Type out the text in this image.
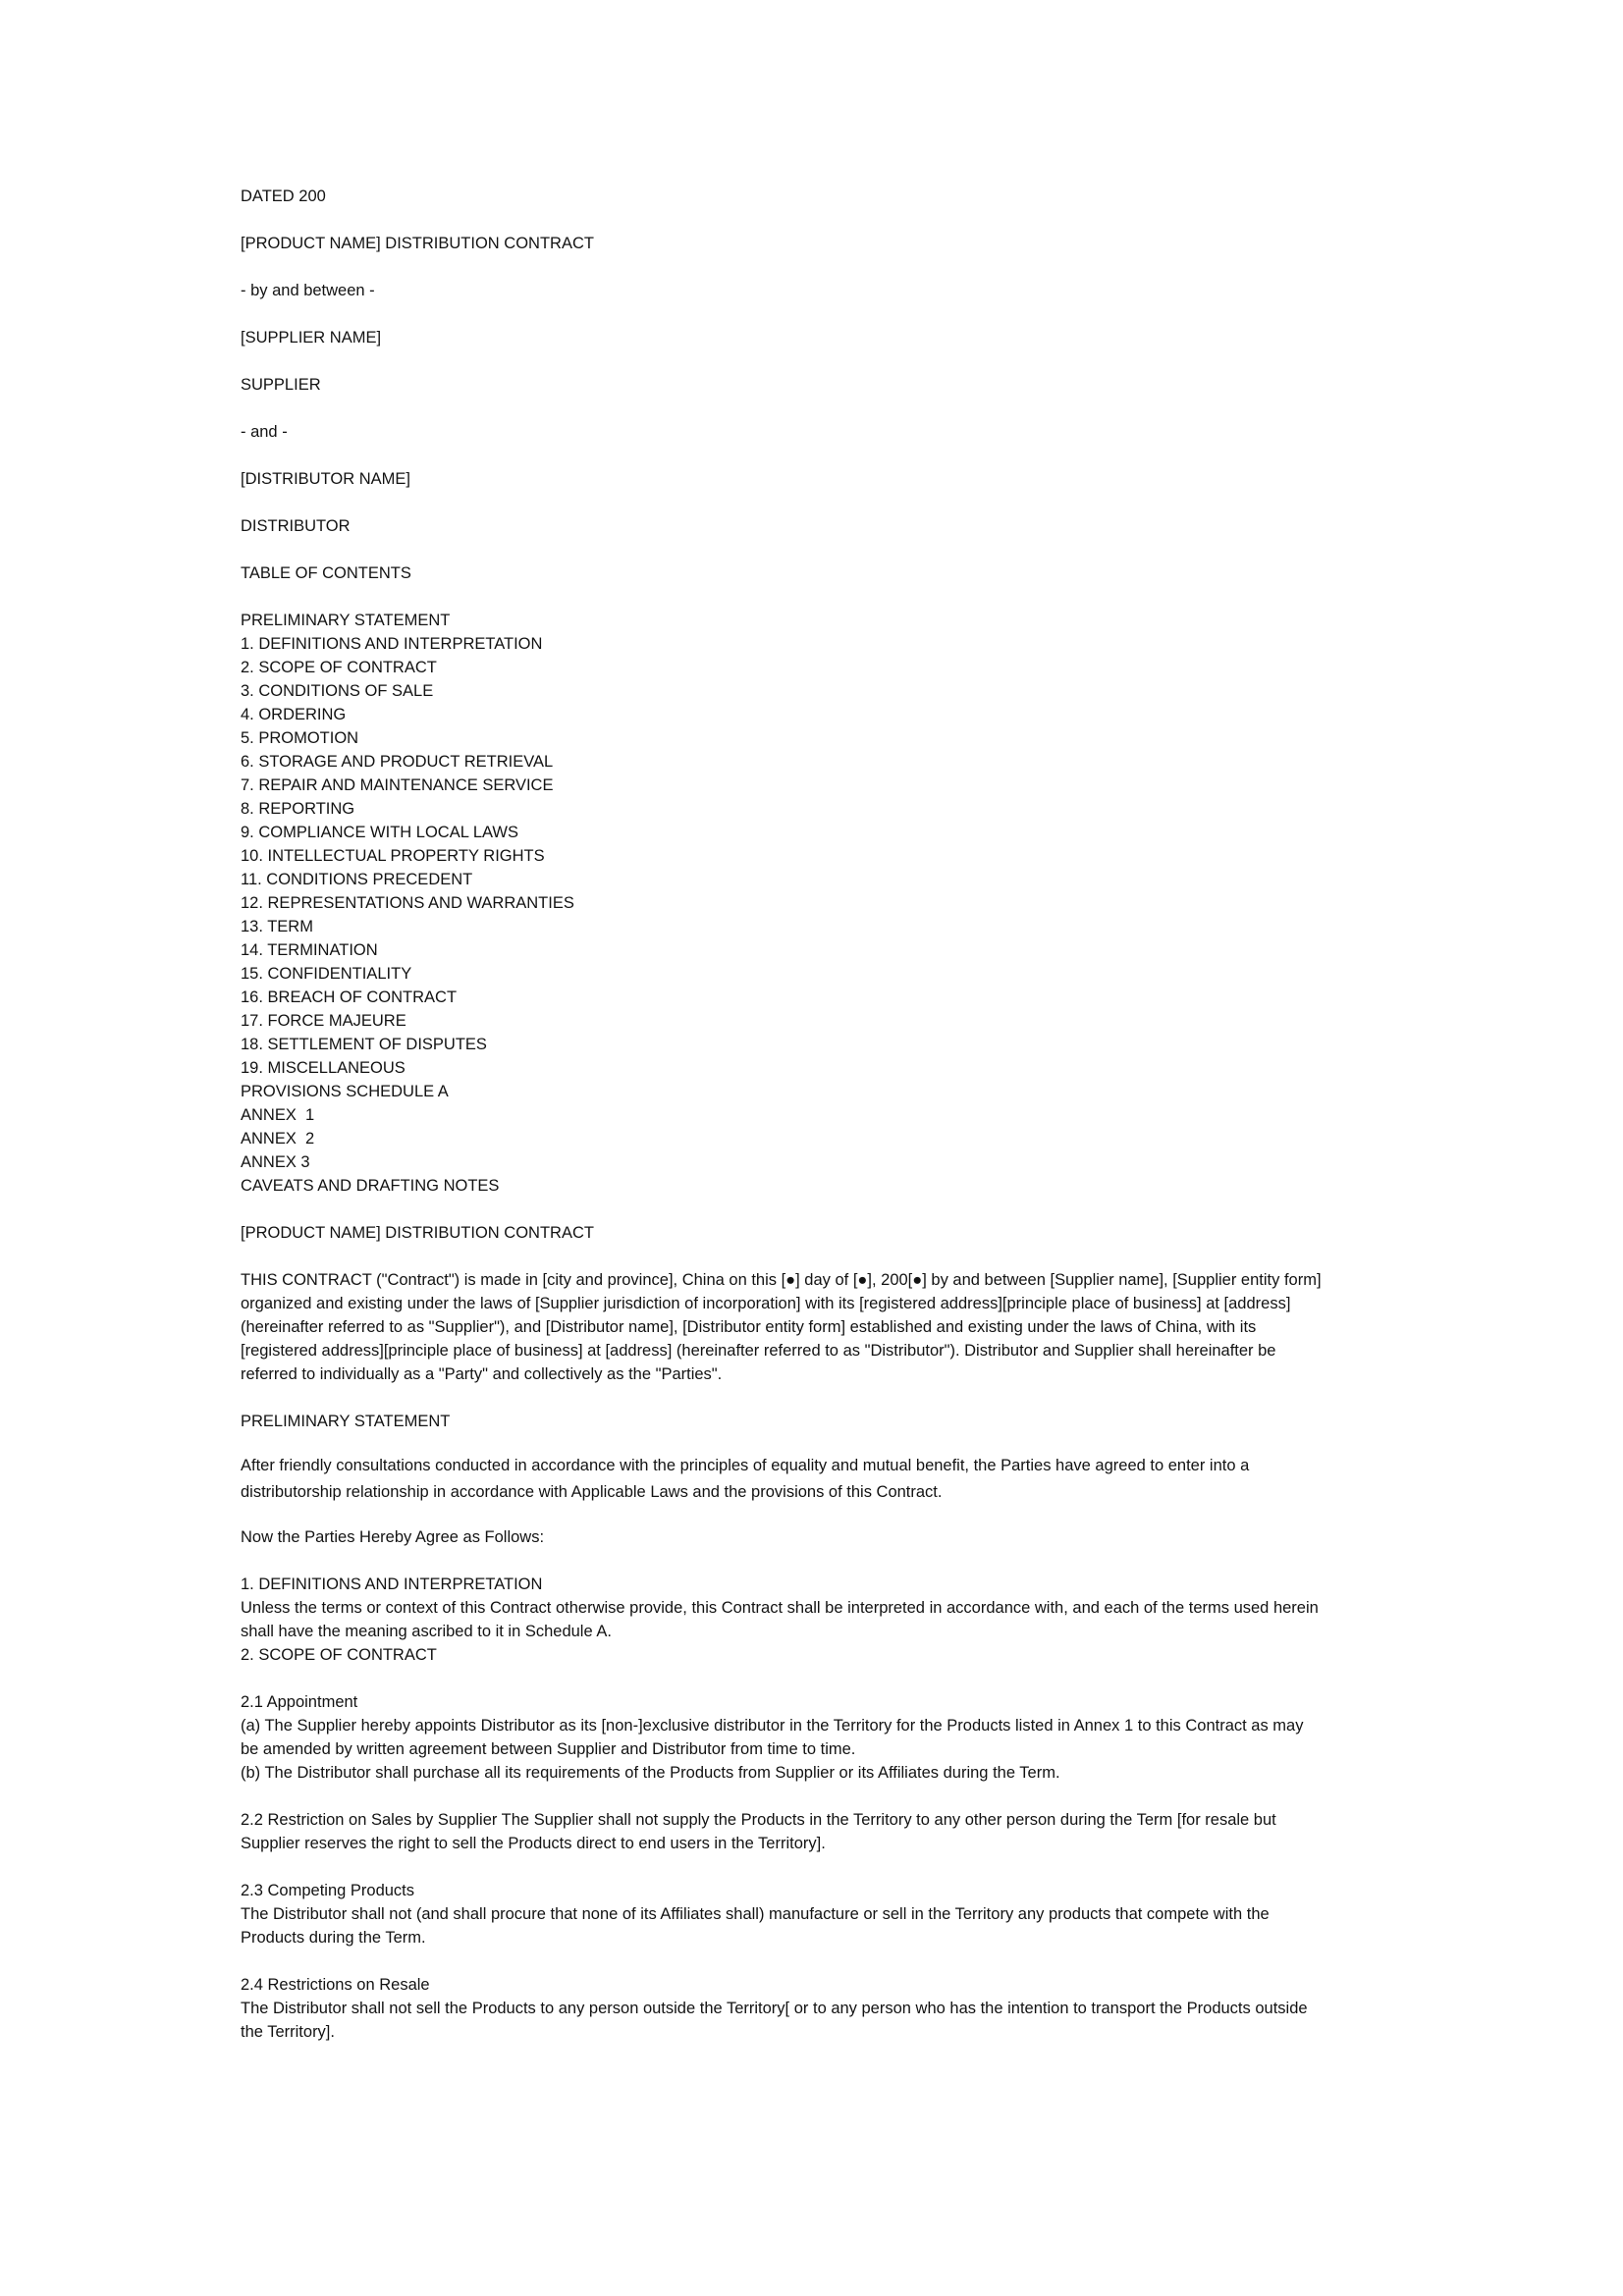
DATED 200
[PRODUCT NAME] DISTRIBUTION CONTRACT
- by and between -
[SUPPLIER NAME]
SUPPLIER
- and -
[DISTRIBUTOR NAME]
DISTRIBUTOR
TABLE OF CONTENTS
PRELIMINARY STATEMENT
1. DEFINITIONS AND INTERPRETATION
2. SCOPE OF CONTRACT
3. CONDITIONS OF SALE
4. ORDERING
5. PROMOTION
6. STORAGE AND PRODUCT RETRIEVAL
7. REPAIR AND MAINTENANCE SERVICE
8. REPORTING
9. COMPLIANCE WITH LOCAL LAWS
10. INTELLECTUAL PROPERTY RIGHTS
11. CONDITIONS PRECEDENT
12. REPRESENTATIONS AND WARRANTIES
13. TERM
14. TERMINATION
15. CONFIDENTIALITY
16. BREACH OF CONTRACT
17. FORCE MAJEURE
18. SETTLEMENT OF DISPUTES
19. MISCELLANEOUS
PROVISIONS SCHEDULE A
ANNEX  1
ANNEX  2
ANNEX 3
CAVEATS AND DRAFTING NOTES
[PRODUCT NAME] DISTRIBUTION CONTRACT
THIS CONTRACT ("Contract") is made in [city and province], China on this [●] day of [●], 200[●] by and between [Supplier name], [Supplier entity form] organized and existing under the laws of [Supplier jurisdiction of incorporation] with its [registered address][principle place of business] at [address] (hereinafter referred to as "Supplier"), and [Distributor name], [Distributor entity form] established and existing under the laws of China, with its [registered address][principle place of business] at [address] (hereinafter referred to as "Distributor"). Distributor and Supplier shall hereinafter be referred to individually as a "Party" and collectively as the "Parties".
PRELIMINARY STATEMENT
After friendly consultations conducted in accordance with the principles of equality and mutual benefit, the Parties have agreed to enter into a distributorship relationship in accordance with Applicable Laws and the provisions of this Contract.
Now the Parties Hereby Agree as Follows:
1. DEFINITIONS AND INTERPRETATION
Unless the terms or context of this Contract otherwise provide, this Contract shall be interpreted in accordance with, and each of the terms used herein shall have the meaning ascribed to it in Schedule A.
2. SCOPE OF CONTRACT
2.1 Appointment
(a) The Supplier hereby appoints Distributor as its [non-]exclusive distributor in the Territory for the Products listed in Annex 1 to this Contract as may be amended by written agreement between Supplier and Distributor from time to time.
(b) The Distributor shall purchase all its requirements of the Products from Supplier or its Affiliates during the Term.
2.2 Restriction on Sales by Supplier The Supplier shall not supply the Products in the Territory to any other person during the Term [for resale but Supplier reserves the right to sell the Products direct to end users in the Territory].
2.3 Competing Products
The Distributor shall not (and shall procure that none of its Affiliates shall) manufacture or sell in the Territory any products that compete with the Products during the Term.
2.4 Restrictions on Resale
The Distributor shall not sell the Products to any person outside the Territory[ or to any person who has the intention to transport the Products outside the Territory].
